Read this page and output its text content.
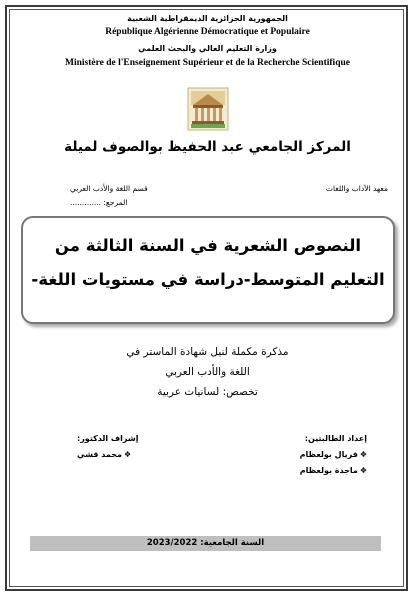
الجمهورية الجزائرية الديمقراطية الشعبية
République Algérienne Démocratique et Populaire
وزارة التعليم العالي والبحث العلمي
Ministère de l'Enseignement Supérieur et de la Recherche Scientifique
المركز الجامعي عبد الحفيظ بوالصوف لميلة
معهد الآداب واللغات
قسم اللغة والأدب العربي
المرجع: .............
النصوص الشعرية في السنة الثالثة من
التعليم المتوسط-دراسة في مستويات اللغة-
مذكرة مكملة لنيل شهادة الماستر في
اللغة والأدب العربي
تخصص: لسانيات عربية
إعداد الطالبتين:
❖فريال بولعظام
❖ماجدة بولعظام
إشراف الدكتور:
❖محمد قشي
السنة الجامعية: 2023/2022
